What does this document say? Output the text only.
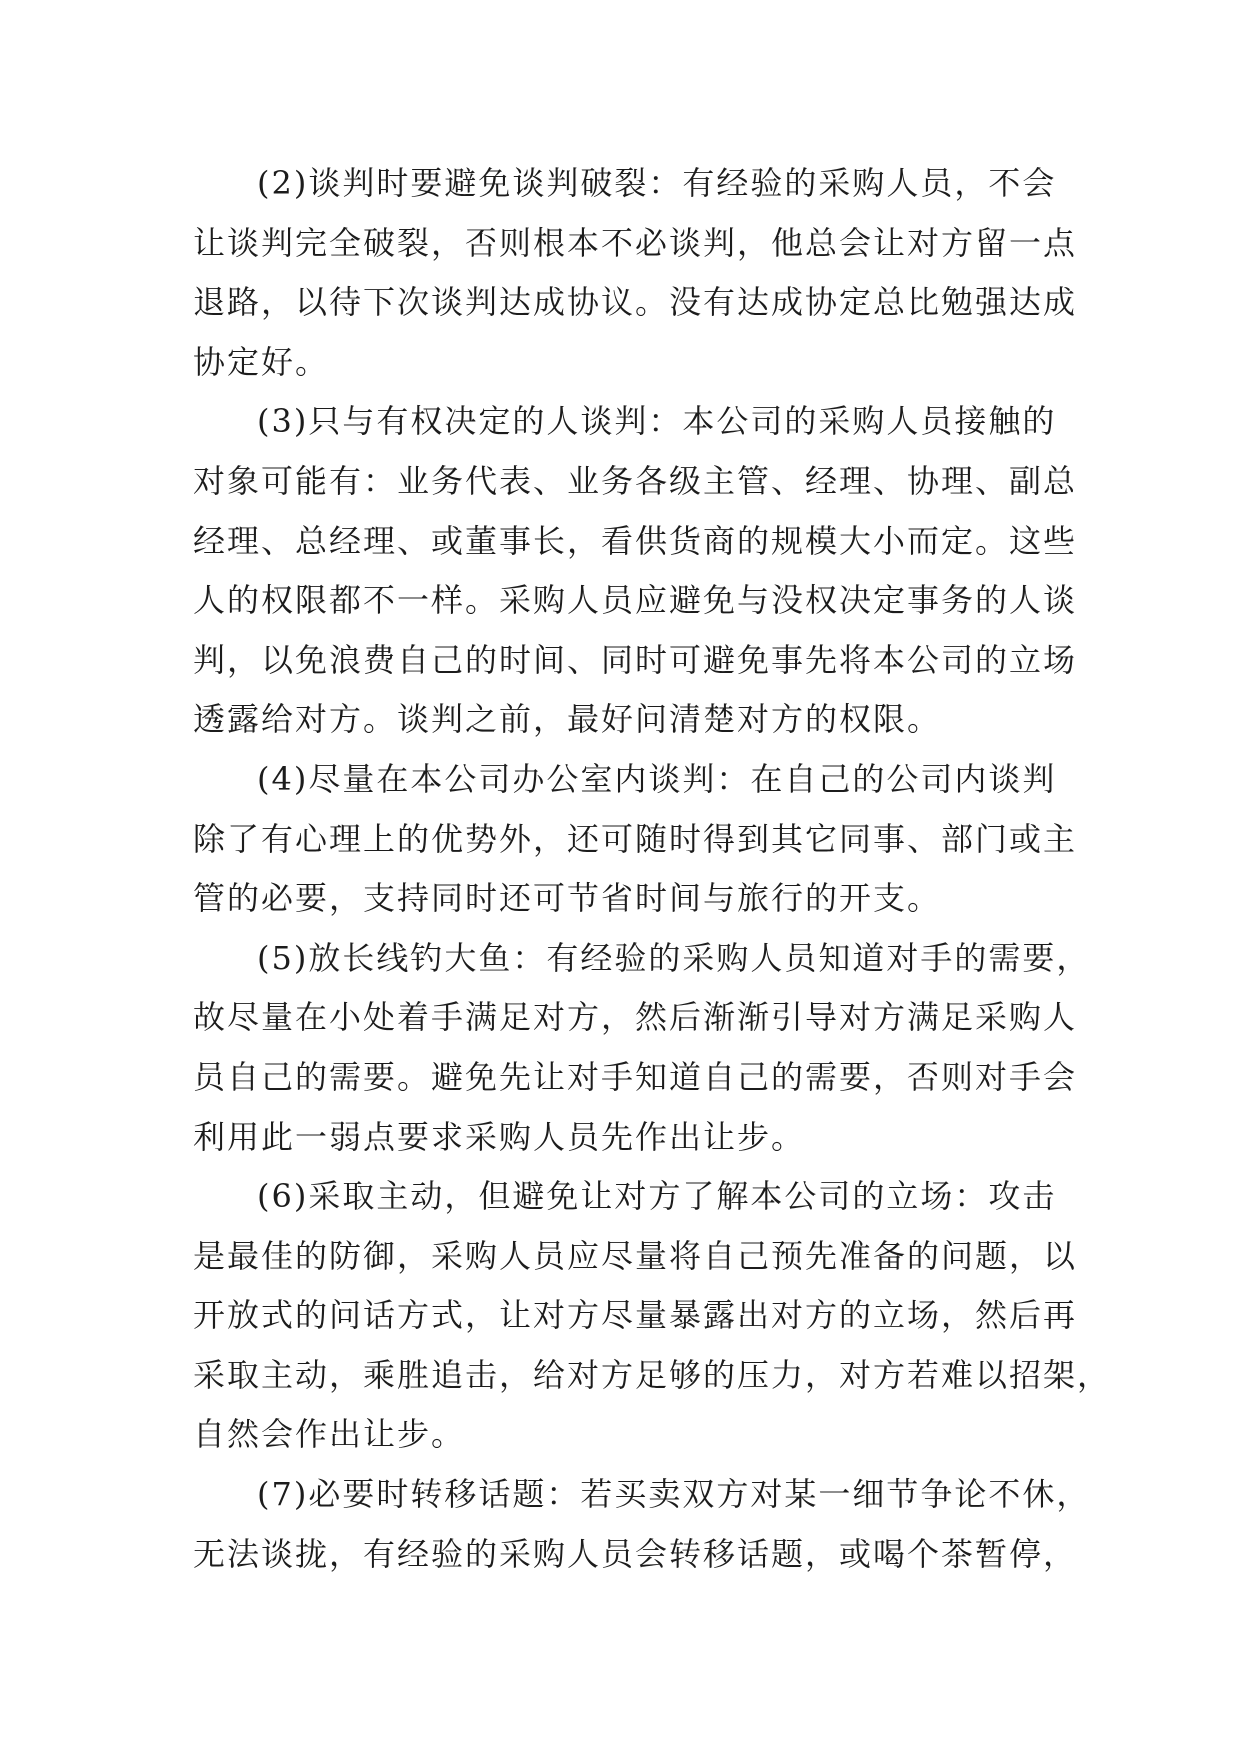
(2)谈判时要避免谈判破裂：有经验的采购人员，不会
让谈判完全破裂，否则根本不必谈判，他总会让对方留一点
退路，以待下次谈判达成协议。没有达成协定总比勉强达成
协定好。
(3)只与有权决定的人谈判：本公司的采购人员接触的
对象可能有：业务代表、业务各级主管、经理、协理、副总
经理、总经理、或董事长，看供货商的规模大小而定。这些
人的权限都不一样。采购人员应避免与没权决定事务的人谈
判，以免浪费自己的时间、同时可避免事先将本公司的立场
透露给对方。谈判之前，最好问清楚对方的权限。
(4)尽量在本公司办公室内谈判：在自己的公司内谈判
除了有心理上的优势外，还可随时得到其它同事、部门或主
管的必要，支持同时还可节省时间与旅行的开支。
(5)放长线钓大鱼：有经验的采购人员知道对手的需要，
故尽量在小处着手满足对方，然后渐渐引导对方满足采购人
员自己的需要。避免先让对手知道自己的需要，否则对手会
利用此一弱点要求采购人员先作出让步。
(6)采取主动，但避免让对方了解本公司的立场：攻击
是最佳的防御，采购人员应尽量将自己预先准备的问题，以
开放式的问话方式，让对方尽量暴露出对方的立场，然后再
采取主动，乘胜追击，给对方足够的压力，对方若难以招架，
自然会作出让步。
(7)必要时转移话题：若买卖双方对某一细节争论不休，
无法谈拢，有经验的采购人员会转移话题，或喝个茶暂停，
